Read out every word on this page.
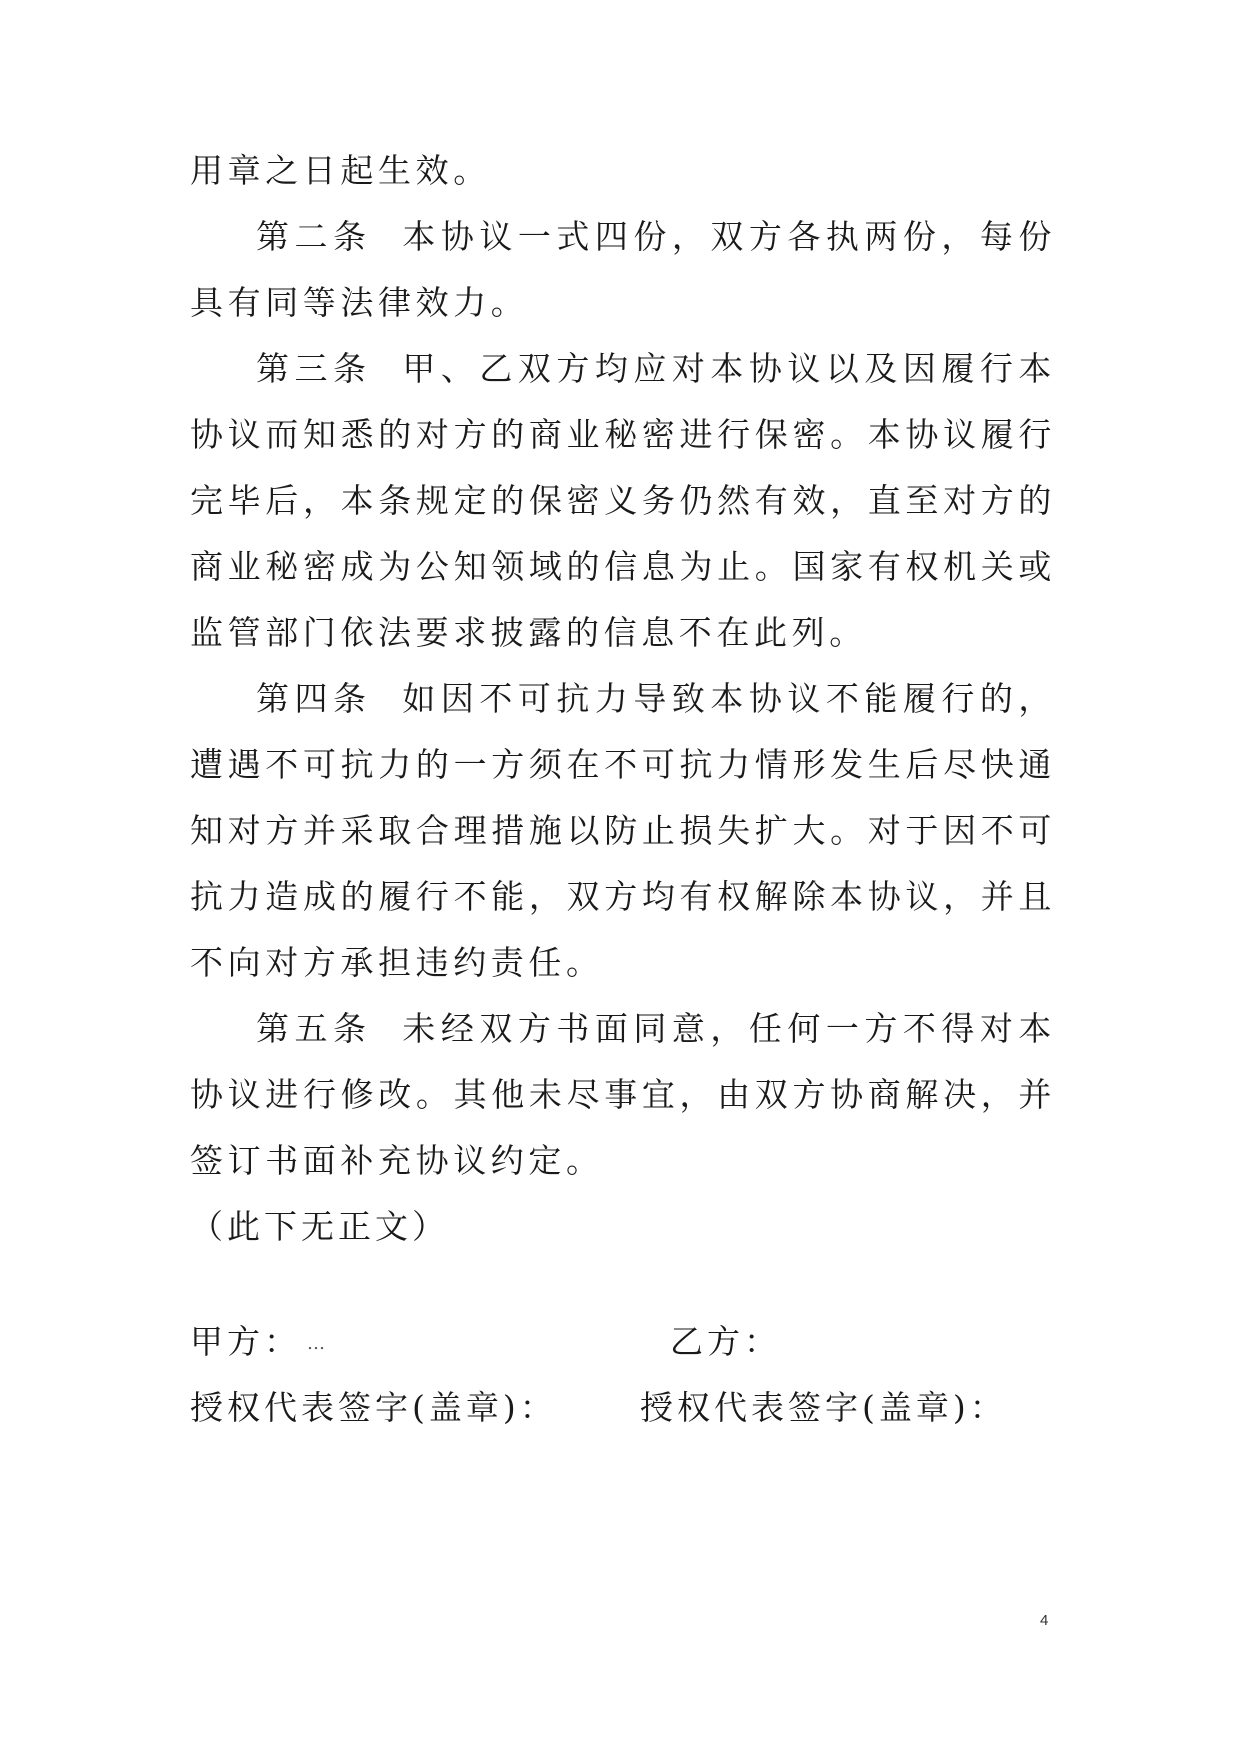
用章之日起生效。

第二条 本协议一式四份，双方各执两份，每份具有同等法律效力。

第三条 甲、乙双方均应对本协议以及因履行本协议而知悉的对方的商业秘密进行保密。本协议履行完毕后，本条规定的保密义务仍然有效，直至对方的商业秘密成为公知领域的信息为止。国家有权机关或监管部门依法要求披露的信息不在此列。

第四条 如因不可抗力导致本协议不能履行的，遭遇不可抗力的一方须在不可抗力情形发生后尽快通知对方并采取合理措施以防止损失扩大。对于因不可抗力造成的履行不能，双方均有权解除本协议，并且不向对方承担违约责任。

第五条 未经双方书面同意，任何一方不得对本协议进行修改。其他未尽事宜，由双方协商解决，并签订书面补充协议约定。

（此下无正文）

甲方： …	乙方：
授权代表签字(盖章)：	授权代表签字(盖章)：
4
